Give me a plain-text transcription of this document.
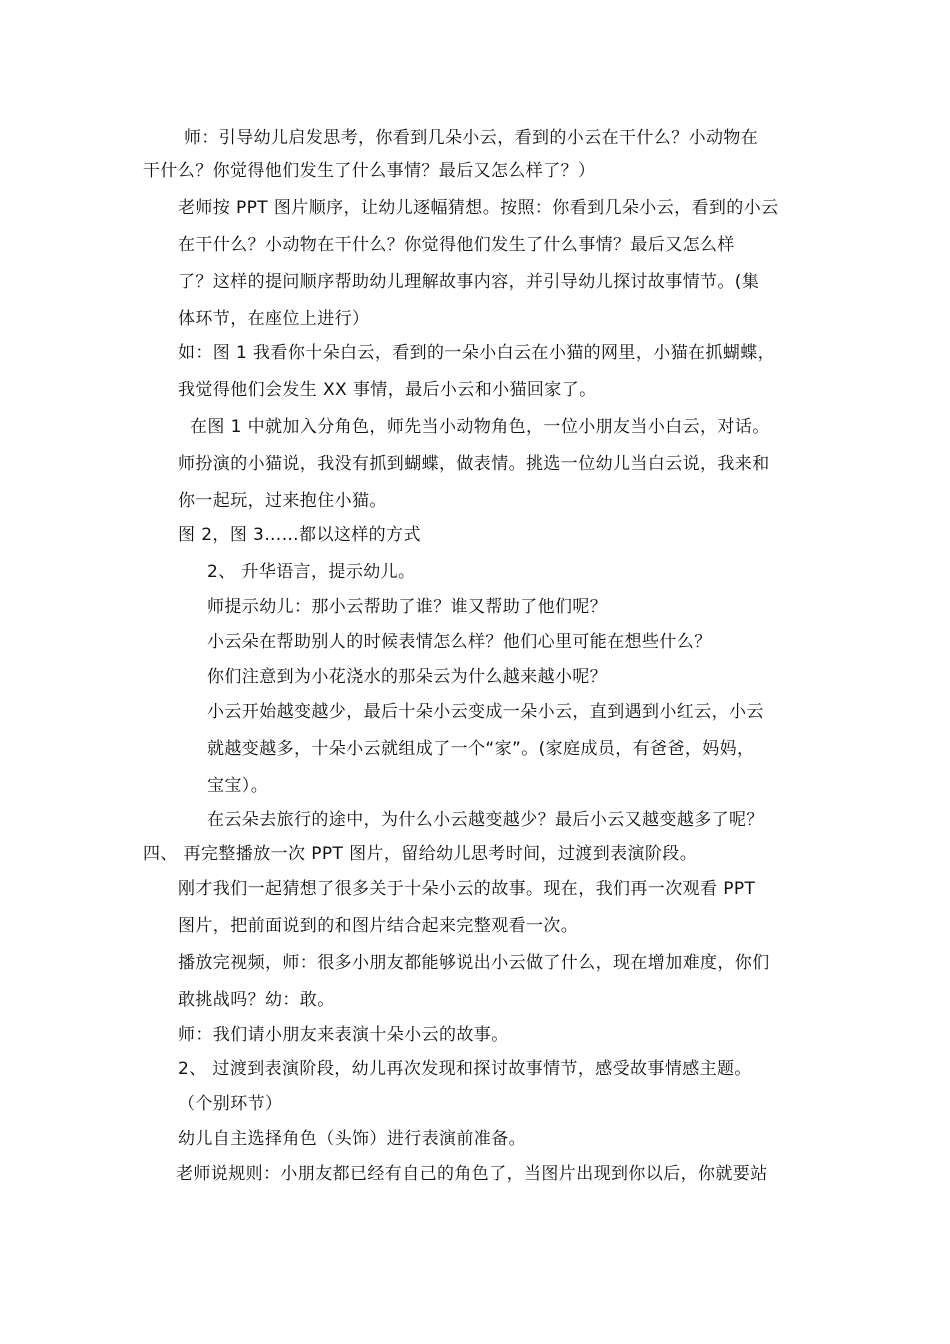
师：引导幼儿启发思考，你看到几朵小云，看到的小云在干什么？小动物在
干什么？你觉得他们发生了什么事情？最后又怎么样了？）
老师按 PPT 图片顺序，让幼儿逐幅猜想。按照：你看到几朵小云，看到的小云
在干什么？小动物在干什么？你觉得他们发生了什么事情？最后又怎么样
了？这样的提问顺序帮助幼儿理解故事内容，并引导幼儿探讨故事情节。(集
体环节，在座位上进行）
如：图 1 我看你十朵白云，看到的一朵小白云在小猫的网里，小猫在抓蝴蝶，
我觉得他们会发生 XX 事情，最后小云和小猫回家了。
在图 1 中就加入分角色，师先当小动物角色，一位小朋友当小白云，对话。
师扮演的小猫说，我没有抓到蝴蝶，做表情。挑选一位幼儿当白云说，我来和
你一起玩，过来抱住小猫。
图 2，图 3……都以这样的方式
2、 升华语言，提示幼儿。
师提示幼儿：那小云帮助了谁？谁又帮助了他们呢？
小云朵在帮助别人的时候表情怎么样？他们心里可能在想些什么？
你们注意到为小花浇水的那朵云为什么越来越小呢？
小云开始越变越少，最后十朵小云变成一朵小云，直到遇到小红云，小云
就越变越多，十朵小云就组成了一个“家”。(家庭成员，有爸爸，妈妈，
宝宝）。
在云朵去旅行的途中，为什么小云越变越少？最后小云又越变越多了呢？
四、 再完整播放一次 PPT 图片，留给幼儿思考时间，过渡到表演阶段。
刚才我们一起猜想了很多关于十朵小云的故事。现在，我们再一次观看 PPT
图片，把前面说到的和图片结合起来完整观看一次。
播放完视频，师：很多小朋友都能够说出小云做了什么，现在增加难度，你们
敢挑战吗？幼：敢。
师：我们请小朋友来表演十朵小云的故事。
2、 过渡到表演阶段，幼儿再次发现和探讨故事情节，感受故事情感主题。
（个别环节）
幼儿自主选择角色（头饰）进行表演前准备。
老师说规则：小朋友都已经有自己的角色了，当图片出现到你以后，你就要站
